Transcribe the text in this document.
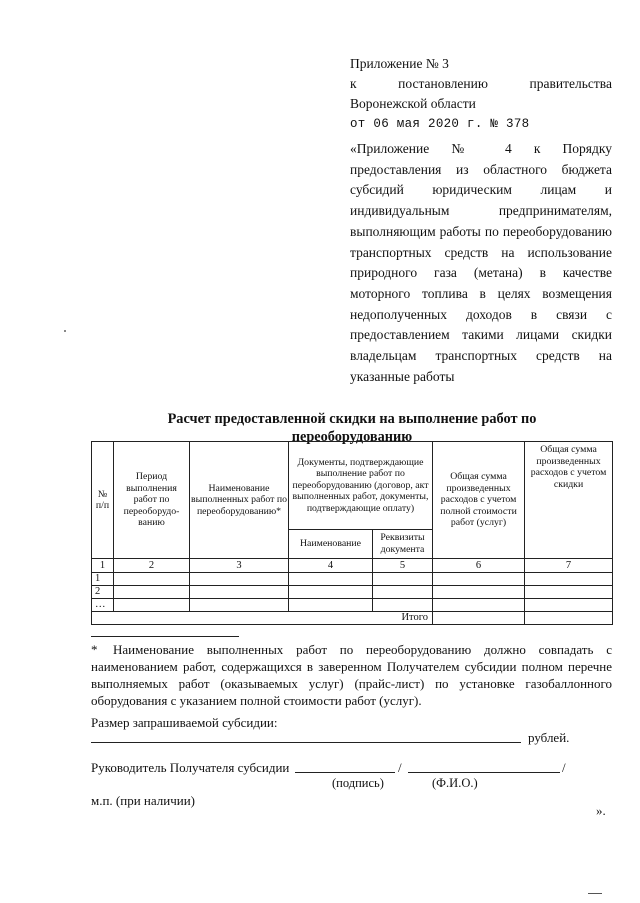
Приложение № 3
к	постановлению	правительства
Воронежской области
от 06 мая 2020 г. № 378
«Приложение № 4 к Порядку предоставления из областного бюджета субсидий юридическим лицам и индивидуальным предпринимателям, выполняющим работы по переоборудованию транспортных средств на использование природного газа (метана) в качестве моторного топлива в целях возмещения недополученных доходов в связи с предоставлением такими лицами скидки владельцам транспортных средств на указанные работы
Расчет предоставленной скидки на выполнение работ по
переоборудованию
№ п/п	Период выполнения работ по переоборудо-ванию	Наименование выполненных работ по переоборудованию*	Документы, подтверждающие выполнение работ по переоборудованию (договор, акт выполненных работ, документы, подтверждающие оплату)		Общая сумма произведенных расходов с учетом полной стоимости работ (услуг)	Общая сумма произведенных расходов с учетом скидки
			Наименование	Реквизиты документа		
1	2	3	4	5	6	7
1						
2						
…						
Итого						
* Наименование выполненных работ по переоборудованию должно совпадать с наименованием работ, содержащихся в заверенном Получателем субсидии полном перечне выполняемых работ (оказываемых услуг) (прайс-лист) по установке газобаллонного оборудования с указанием полной стоимости работ (услуг).
Размер запрашиваемой субсидии:
рублей.
Руководитель Получателя субсидии	/	/
(подпись)	(Ф.И.О.)
м.п. (при наличии)
».
